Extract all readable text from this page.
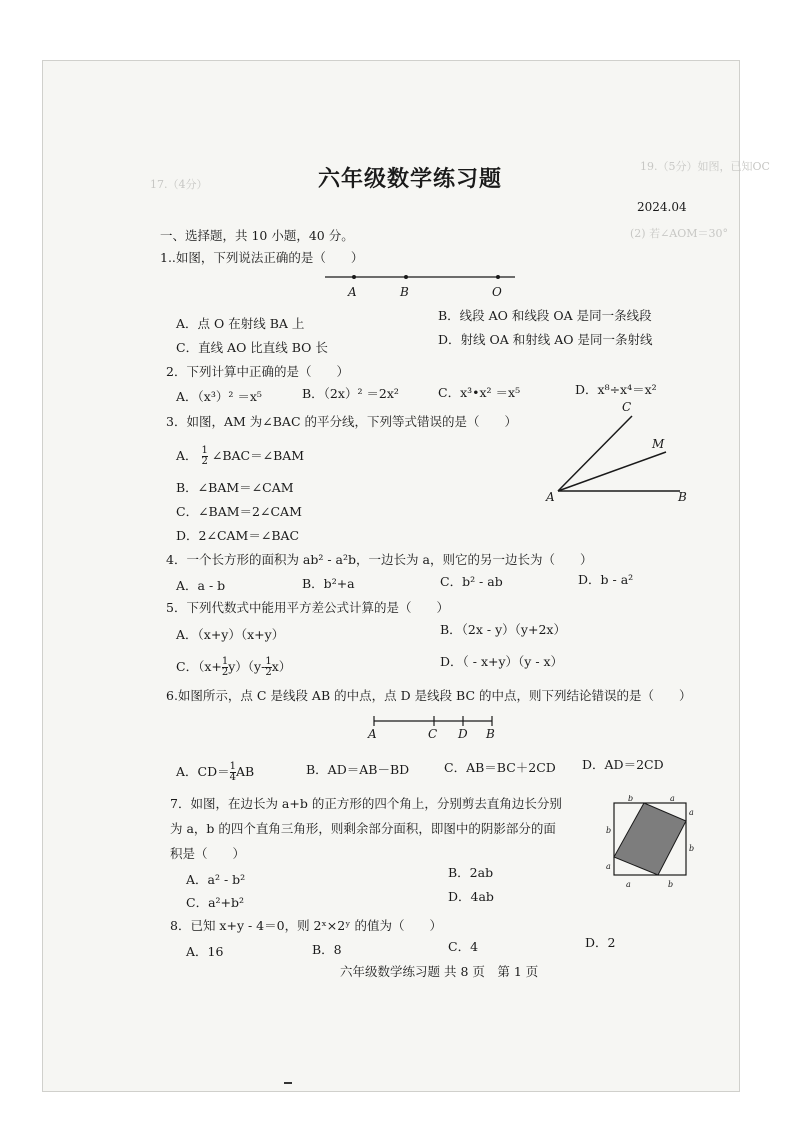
19.（5分）如图，已知OC
17.（4分）
(2) 若∠AOM＝30°
六年级数学练习题
2024.04
一、选择题，共 10 小题，40 分。
1..如图，下列说法正确的是（　　）
A	B	O
A．点 O 在射线 BA 上
B．线段 AO 和线段 OA 是同一条线段
C．直线 AO 比直线 BO 长
D．射线 OA 和射线 AO 是同一条射线
2．下列计算中正确的是（　　）
A．（x³）² ＝x⁵	B．（2x）² ＝2x²	C．x³•x² ＝x⁵	D．x⁸÷x⁴＝x²
3．如图，AM 为∠BAC 的平分线，下列等式错误的是（　　）
C
M
A	B
A． $\frac{1}{2}$ ∠BAC＝∠BAM
B．∠BAM＝∠CAM
C．∠BAM＝2∠CAM
D．2∠CAM＝∠BAC
4．一个长方形的面积为 ab² - a²b，一边长为 a，则它的另一边长为（　　）
A．a - b	B．b²+a	C．b² - ab	D．b - a²
5．下列代数式中能用平方差公式计算的是（　　）
A．（x+y）（x+y）	B．（2x - y）（y+2x）
C．$(x+ \frac{1}{2} y)(y- \frac{1}{2} x)$	D．（ - x+y）（y - x）
6.如图所示，点 C 是线段 AB 的中点，点 D 是线段 BC 的中点，则下列结论错误的是（　　）
A	C D B
A．$CD= \frac{1}{4}$ AB	B．AD＝AB－BD	C．AB＝BC＋2CD D．AD＝2CD
7．如图，在边长为 a+b 的正方形的四个角上，分别剪去直角边长分别
为 a，b 的四个直角三角形，则剩余部分面积，即图中的阴影部分的面
积是（　　）
b	a
a
b
b
a
a	b
A．a² - b²	B．2ab
C．a²+b²	D．4ab
8．已知 x+y - 4＝0，则 2ˣ×2ʸ 的值为（　　）
A．16	B．8	C．4	D．2
六年级数学练习题 共 8 页　第 1 页
